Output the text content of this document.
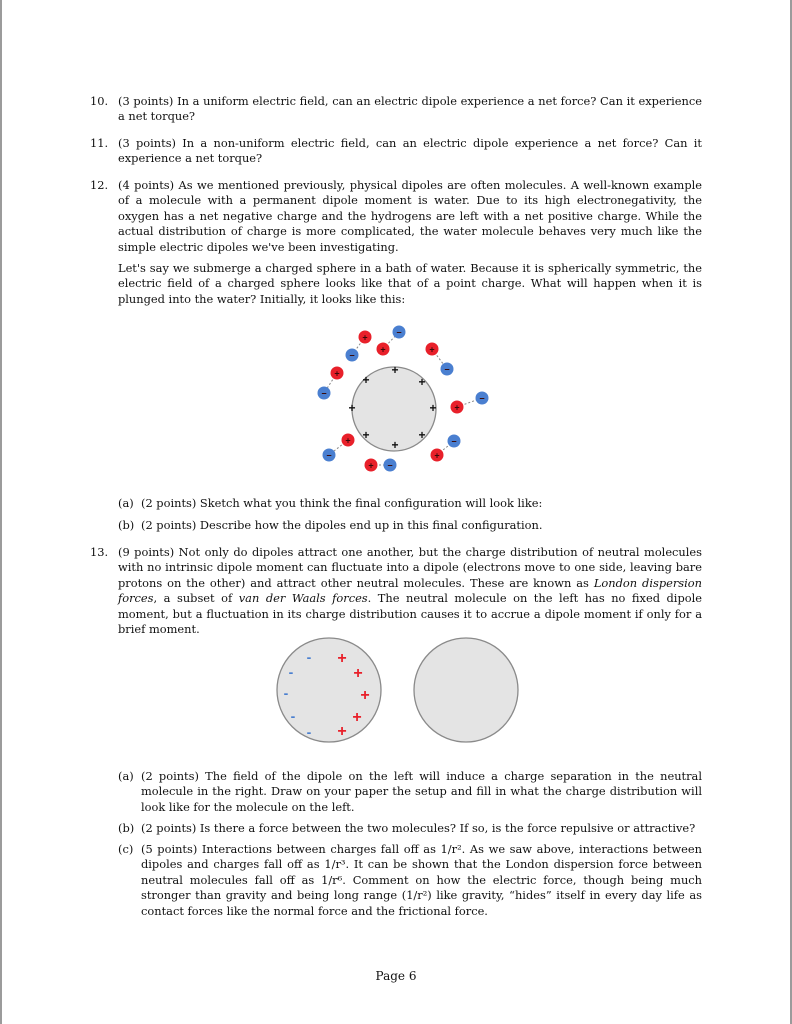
10. (3 points) In a uniform electric field, can an electric dipole experience a net force? Can it experience a net torque?
11. (3 points) In a non-uniform electric field, can an electric dipole experience a net force? Can it experience a net torque?
12. (4 points) As we mentioned previously, physical dipoles are often molecules. A well-known example of a molecule with a permanent dipole moment is water. Due to its high electronegativity, the oxygen has a net negative charge and the hydrogens are left with a net positive charge. While the actual distribution of charge is more complicated, the water molecule behaves very much like the simple electric dipoles we've been investigating.
Let's say we submerge a charged sphere in a bath of water. Because it is spherically symmetric, the electric field of a charged sphere looks like that of a point charge. What will happen when it is plunged into the water? Initially, it looks like this:
+
+
+
+	+
+
+
+
+
−
+
−
+
−
+
−
+
−
+
−
+ −
+
−
(a) (2 points) Sketch what you think the final configuration will look like:
(b) (2 points) Describe how the dipoles end up in this final configuration.
13. (9 points) Not only do dipoles attract one another, but the charge distribution of neutral molecules with no intrinsic dipole moment can fluctuate into a dipole (electrons move to one side, leaving bare protons on the other) and attract other neutral molecules. These are known as London dispersion forces, a subset of van der Waals forces. The neutral molecule on the left has no fixed dipole moment, but a fluctuation in its charge distribution causes it to accrue a dipole moment if only for a brief moment.
+
+
+
+
+
-
-
-
-
-
(a) (2 points) The field of the dipole on the left will induce a charge separation in the neutral molecule in the right. Draw on your paper the setup and fill in what the charge distribution will look like for the molecule on the left.
(b) (2 points) Is there a force between the two molecules? If so, is the force repulsive or attractive?
(c) (5 points) Interactions between charges fall off as 1/r². As we saw above, interactions between dipoles and charges fall off as 1/r³. It can be shown that the London dispersion force between neutral molecules fall off as 1/r⁶. Comment on how the electric force, though being much stronger than gravity and being long range (1/r²) like gravity, “hides” itself in every day life as contact forces like the normal force and the frictional force.
Page 6
